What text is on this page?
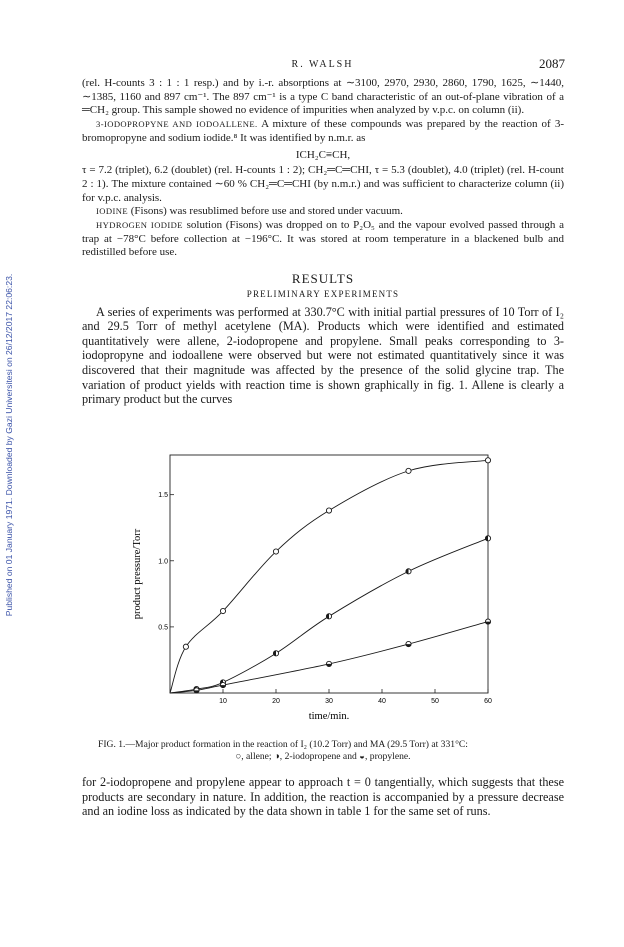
Published on 01 January 1971. Downloaded by Gazi Universitesi on 26/12/2017 22:06:23.
R. WALSH	2087

(rel. H-counts 3 : 1 : 1 resp.) and by i.-r. absorptions at ∼3100, 2970, 2930, 2860, 1790, 1625, ∼1440, ∼1385, 1160 and 897 cm⁻¹. The 897 cm⁻¹ is a type C band characteristic of an out-of-plane vibration of a ═CH₂ group. This sample showed no evidence of impurities when analyzed by v.p.c. on column (ii).

3-IODOPROPYNE AND IODOALLENE. A mixture of these compounds was prepared by the reaction of 3-bromopropyne and sodium iodide.⁸ It was identified by n.m.r. as

ICH₂C≡CH,

τ = 7.2 (triplet), 6.2 (doublet) (rel. H-counts 1 : 2); CH₂═C═CHI, τ = 5.3 (doublet), 4.0 (triplet) (rel. H-count 2 : 1). The mixture contained ∼60 % CH₂═C═CHI (by n.m.r.) and was sufficient to characterize column (ii) for v.p.c. analysis.

IODINE (Fisons) was resublimed before use and stored under vacuum.

HYDROGEN IODIDE solution (Fisons) was dropped on to P₂O₅ and the vapour evolved passed through a trap at −78°C before collection at −196°C. It was stored at room temperature in a blackened bulb and redistilled before use.

RESULTS

PRELIMINARY EXPERIMENTS

A series of experiments was performed at 330.7°C with initial partial pressures of 10 Torr of I₂ and 29.5 Torr of methyl acetylene (MA). Products which were identified and estimated quantitatively were allene, 2-iodopropene and propylene. Small peaks corresponding to 3-iodopropyne and iodoallene were observed but were not estimated quantitatively since it was discovered that their magnitude was affected by the presence of the solid glycine trap. The variation of product yields with reaction time is shown graphically in fig. 1. Allene is clearly a primary product but the curves

10	20	30	40	50	60
0.5
1.0
1.5
product pressure/Torr
time/min.

FIG. 1.—Major product formation in the reaction of I₂ (10.2 Torr) and MA (29.5 Torr) at 331°C:

○, allene; ◑, 2-iodopropene and ◒, propylene.

for 2-iodopropene and propylene appear to approach t = 0 tangentially, which suggests that these products are secondary in nature. In addition, the reaction is accompanied by a pressure decrease and an iodine loss as indicated by the data shown in table 1 for the same set of runs.
